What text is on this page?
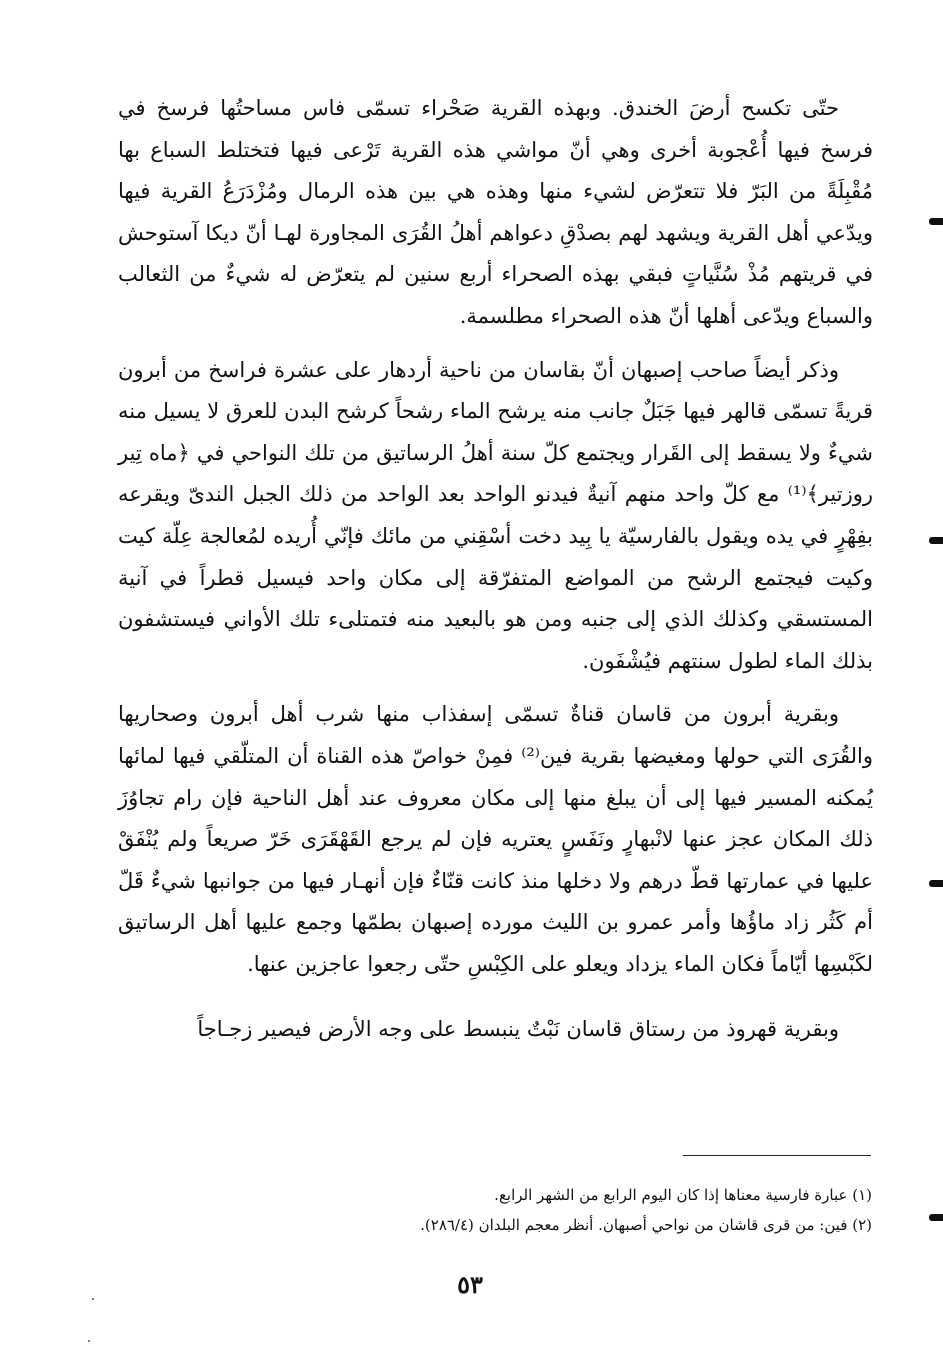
حتّى تكسح أرضَ الخندق. وبهذه القرية صَحْراء تسمّى فاس مساحتُها فرسخ في فرسخ فيها أُعْجوبة أخرى وهي أنّ مواشي هذه القرية تَرْعى فيها فتختلط السباع بها مُقْبِلَةً من البَرّ فلا تتعرّض لشيء منها وهذه هي بين هذه الرمال ومُزْدَرَعُ القرية فيها ويدّعي أهل القرية ويشهد لهم بصدْقِ دعواهم أهلُ القُرَى المجاورة لهـا أنّ ديكا آستوحش في قريتهم مُذْ سُنَّياتٍ فبقي بهذه الصحراء أربع سنين لم يتعرّض له شيءٌ من الثعالب والسباع ويدّعى أهلها أنّ هذه الصحراء مطلسمة.

وذكر أيضاً صاحب إصبهان أنّ بقاسان من ناحية أردهار على عشرة فراسخ من أبرون قريةً تسمّى قالهر فيها جَبَلٌ جانب منه يرشح الماء رشحاً كرشح البدن للعرق لا يسيل منه شيءٌ ولا يسقط إلى القَرار ويجتمع كلّ سنة أهلُ الرساتيق من تلك النواحي في ﴿ماه تِير روزتير﴾⁽¹⁾ مع كلّ واحد منهم آنيةٌ فيدنو الواحد بعد الواحد من ذلك الجبل الندىّ ويقرعه بفِهْرٍ في يده ويقول بالفارسيّة يا بِيد دخت أسْقِني من مائك فإنّي أُريده لمُعالجة عِلّة كيت وكيت فيجتمع الرشح من المواضع المتفرّقة إلى مكان واحد فيسيل قطراً في آنية المستسقي وكذلك الذي إلى جنبه ومن هو بالبعيد منه فتمتلىء تلك الأواني فيستشفون بذلك الماء لطول سنتهم فيُشْفَون.

وبقرية أبرون من قاسان قناةٌ تسمّى إسفذاب منها شرب أهل أبرون وصحاريها والقُرَى التي حولها ومغيضها بقرية فين⁽²⁾ فمِنْ خواصّ هذه القناة أن المتلّقي فيها لمائها يُمكنه المسير فيها إلى أن يبلغ منها إلى مكان معروف عند أهل الناحية فإن رام تجاوُزَ ذلك المكان عجز عنها لانْبهارٍ ونَفَسٍ يعتريه فإن لم يرجع القَهْقَرَى خَرّ صريعاً ولم يُنْفَقْ عليها في عمارتها قطّ درهم ولا دخلها منذ كانت قنّاءٌ فإن أنهـار فيها من جوانبها شيءٌ قَلّ أم كَثُر زاد ماؤُها وأمر عمرو بن الليث مورده إصبهان بطمّها وجمع عليها أهل الرساتيق لكَبْسِها أيّاماً فكان الماء يزداد ويعلو على الكِبْسِ حتّى رجعوا عاجزين عنها.

وبقرية قهروذ من رستاق قاسان نَبْتٌ ينبسط على وجه الأرض فيصير زجـاجاً

(١) عبارة فارسية معناها إذا كان اليوم الرابع من الشهر الرابع.

(٢) فين: من قرى قاشان من نواحي أصبهان. أنظر معجم البلدان (٢٨٦/٤).

٥٣
